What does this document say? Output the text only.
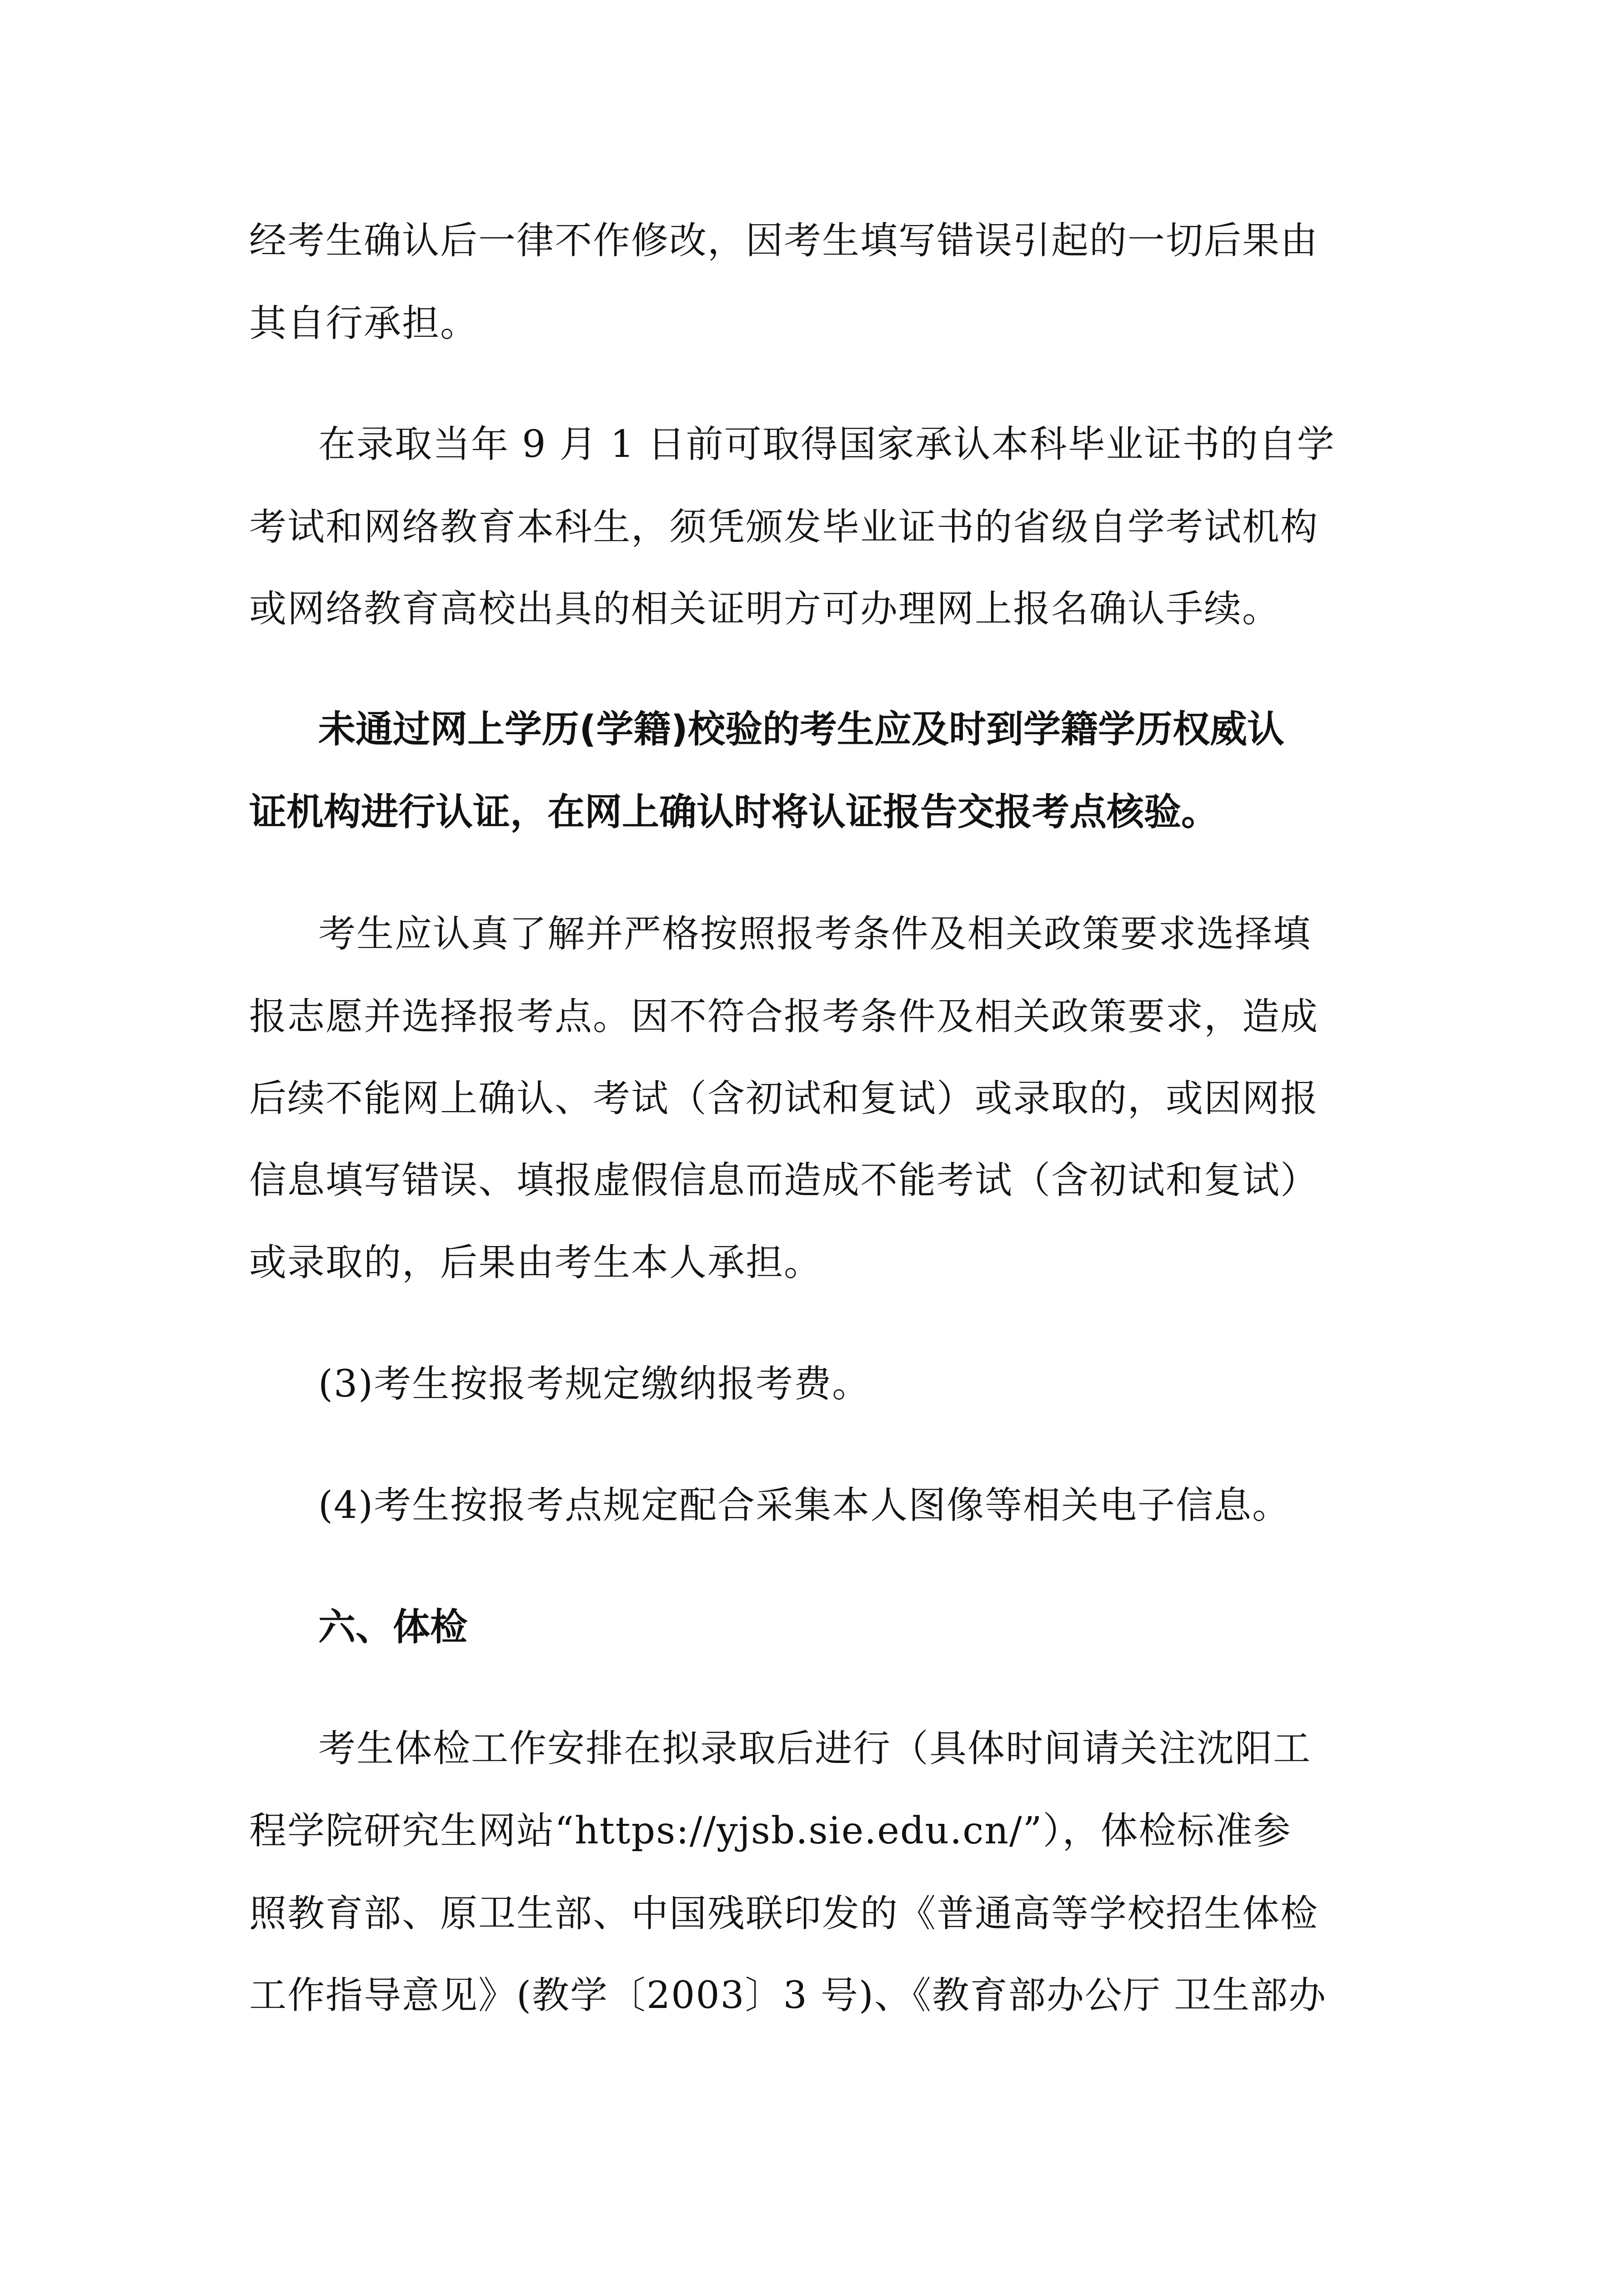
经考生确认后一律不作修改，因考生填写错误引起的一切后果由

其自行承担。

在录取当年 9 月 1 日前可取得国家承认本科毕业证书的自学

考试和网络教育本科生，须凭颁发毕业证书的省级自学考试机构

或网络教育高校出具的相关证明方可办理网上报名确认手续。

未通过网上学历(学籍)校验的考生应及时到学籍学历权威认

证机构进行认证，在网上确认时将认证报告交报考点核验。

考生应认真了解并严格按照报考条件及相关政策要求选择填

报志愿并选择报考点。因不符合报考条件及相关政策要求，造成

后续不能网上确认、考试（含初试和复试）或录取的，或因网报

信息填写错误、填报虚假信息而造成不能考试（含初试和复试）

或录取的，后果由考生本人承担。

(3)考生按报考规定缴纳报考费。

(4)考生按报考点规定配合采集本人图像等相关电子信息。

六、体检

考生体检工作安排在拟录取后进行（具体时间请关注沈阳工

程学院研究生网站“https://yjsb.sie.edu.cn/”），体检标准参

照教育部、原卫生部、中国残联印发的《普通高等学校招生体检

工作指导意见》(教学〔2003〕3 号)、《教育部办公厅 卫生部办
